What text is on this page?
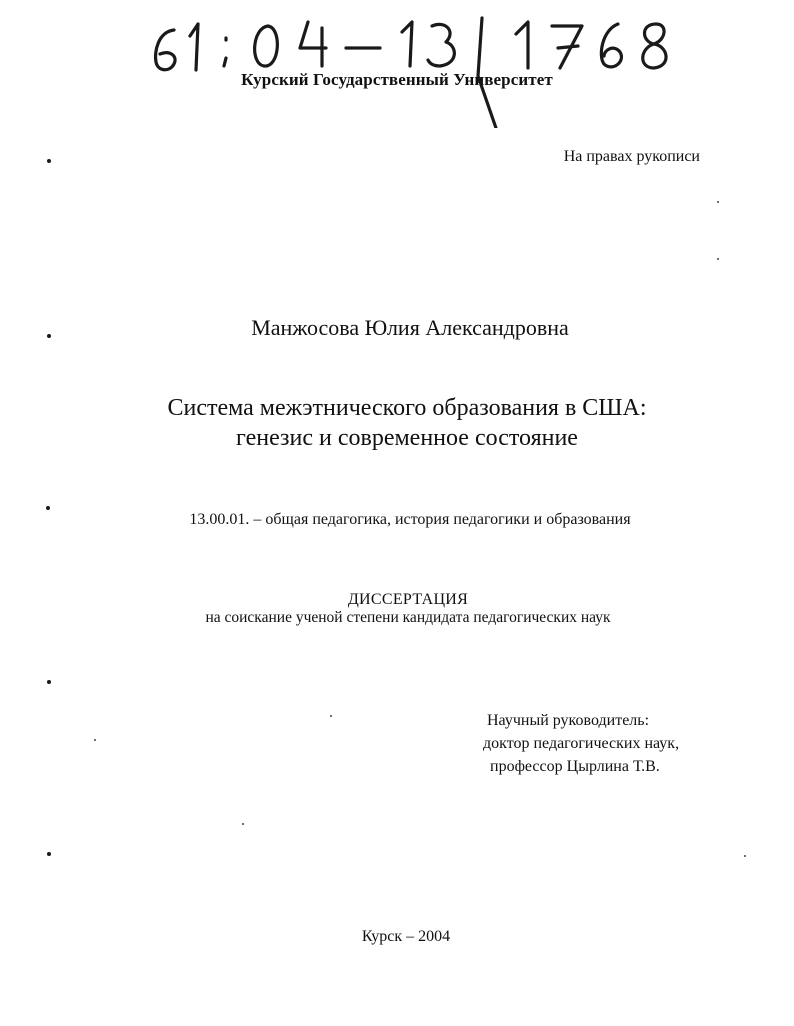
Курский Государственный Университет
На правах рукописи
Манжосова Юлия Александровна
Система межэтнического образования в США:
генезис и современное состояние
13.00.01. – общая педагогика, история педагогики и образования
ДИССЕРТАЦИЯ
на соискание ученой степени кандидата педагогических наук
Научный руководитель:
доктор педагогических наук,
профессор Цырлина Т.В.
Курск – 2004
